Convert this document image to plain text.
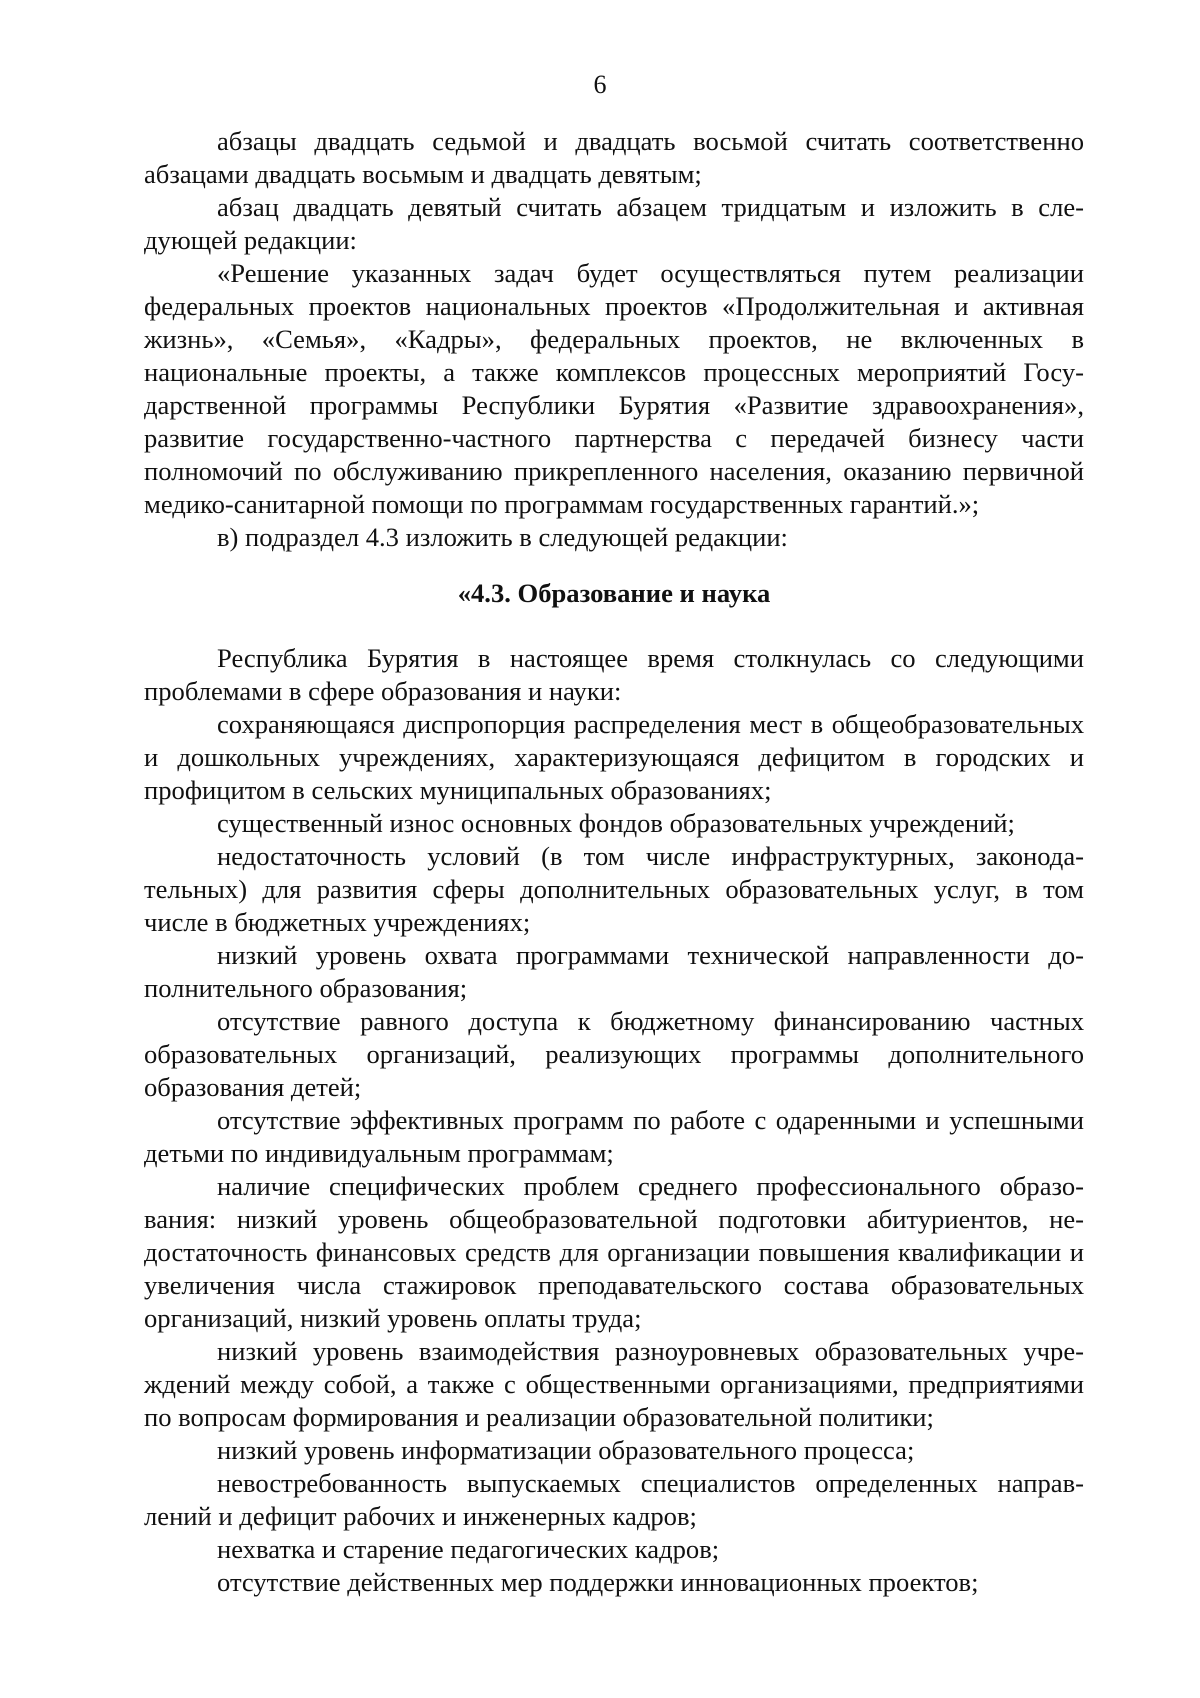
6

абзацы двадцать седьмой и двадцать восьмой считать соответственно абзацами двадцать восьмым и двадцать девятым;

абзац двадцать девятый считать абзацем тридцатым и изложить в следующей редакции:

«Решение указанных задач будет осуществляться путем реализации федеральных проектов национальных проектов «Продолжительная и активная жизнь», «Семья», «Кадры», федеральных проектов, не включенных в национальные проекты, а также комплексов процессных мероприятий Государственной программы Республики Бурятия «Развитие здравоохранения», развитие государственно-частного партнерства с передачей бизнесу части полномочий по обслуживанию прикрепленного населения, оказанию первичной медико-санитарной помощи по программам государственных гарантий.»;

в) подраздел 4.3 изложить в следующей редакции:

«4.3. Образование и наука

Республика Бурятия в настоящее время столкнулась со следующими проблемами в сфере образования и науки:

сохраняющаяся диспропорция распределения мест в общеобразовательных и дошкольных учреждениях, характеризующаяся дефицитом в городских и профицитом в сельских муниципальных образованиях;

существенный износ основных фондов образовательных учреждений;

недостаточность условий (в том числе инфраструктурных, законодательных) для развития сферы дополнительных образовательных услуг, в том числе в бюджетных учреждениях;

низкий уровень охвата программами технической направленности дополнительного образования;

отсутствие равного доступа к бюджетному финансированию частных образовательных организаций, реализующих программы дополнительного образования детей;

отсутствие эффективных программ по работе с одаренными и успешными детьми по индивидуальным программам;

наличие специфических проблем среднего профессионального образования: низкий уровень общеобразовательной подготовки абитуриентов, недостаточность финансовых средств для организации повышения квалификации и увеличения числа стажировок преподавательского состава образовательных организаций, низкий уровень оплаты труда;

низкий уровень взаимодействия разноуровневых образовательных учреждений между собой, а также с общественными организациями, предприятиями по вопросам формирования и реализации образовательной политики;

низкий уровень информатизации образовательного процесса;

невостребованность выпускаемых специалистов определенных направлений и дефицит рабочих и инженерных кадров;

нехватка и старение педагогических кадров;

отсутствие действенных мер поддержки инновационных проектов;
